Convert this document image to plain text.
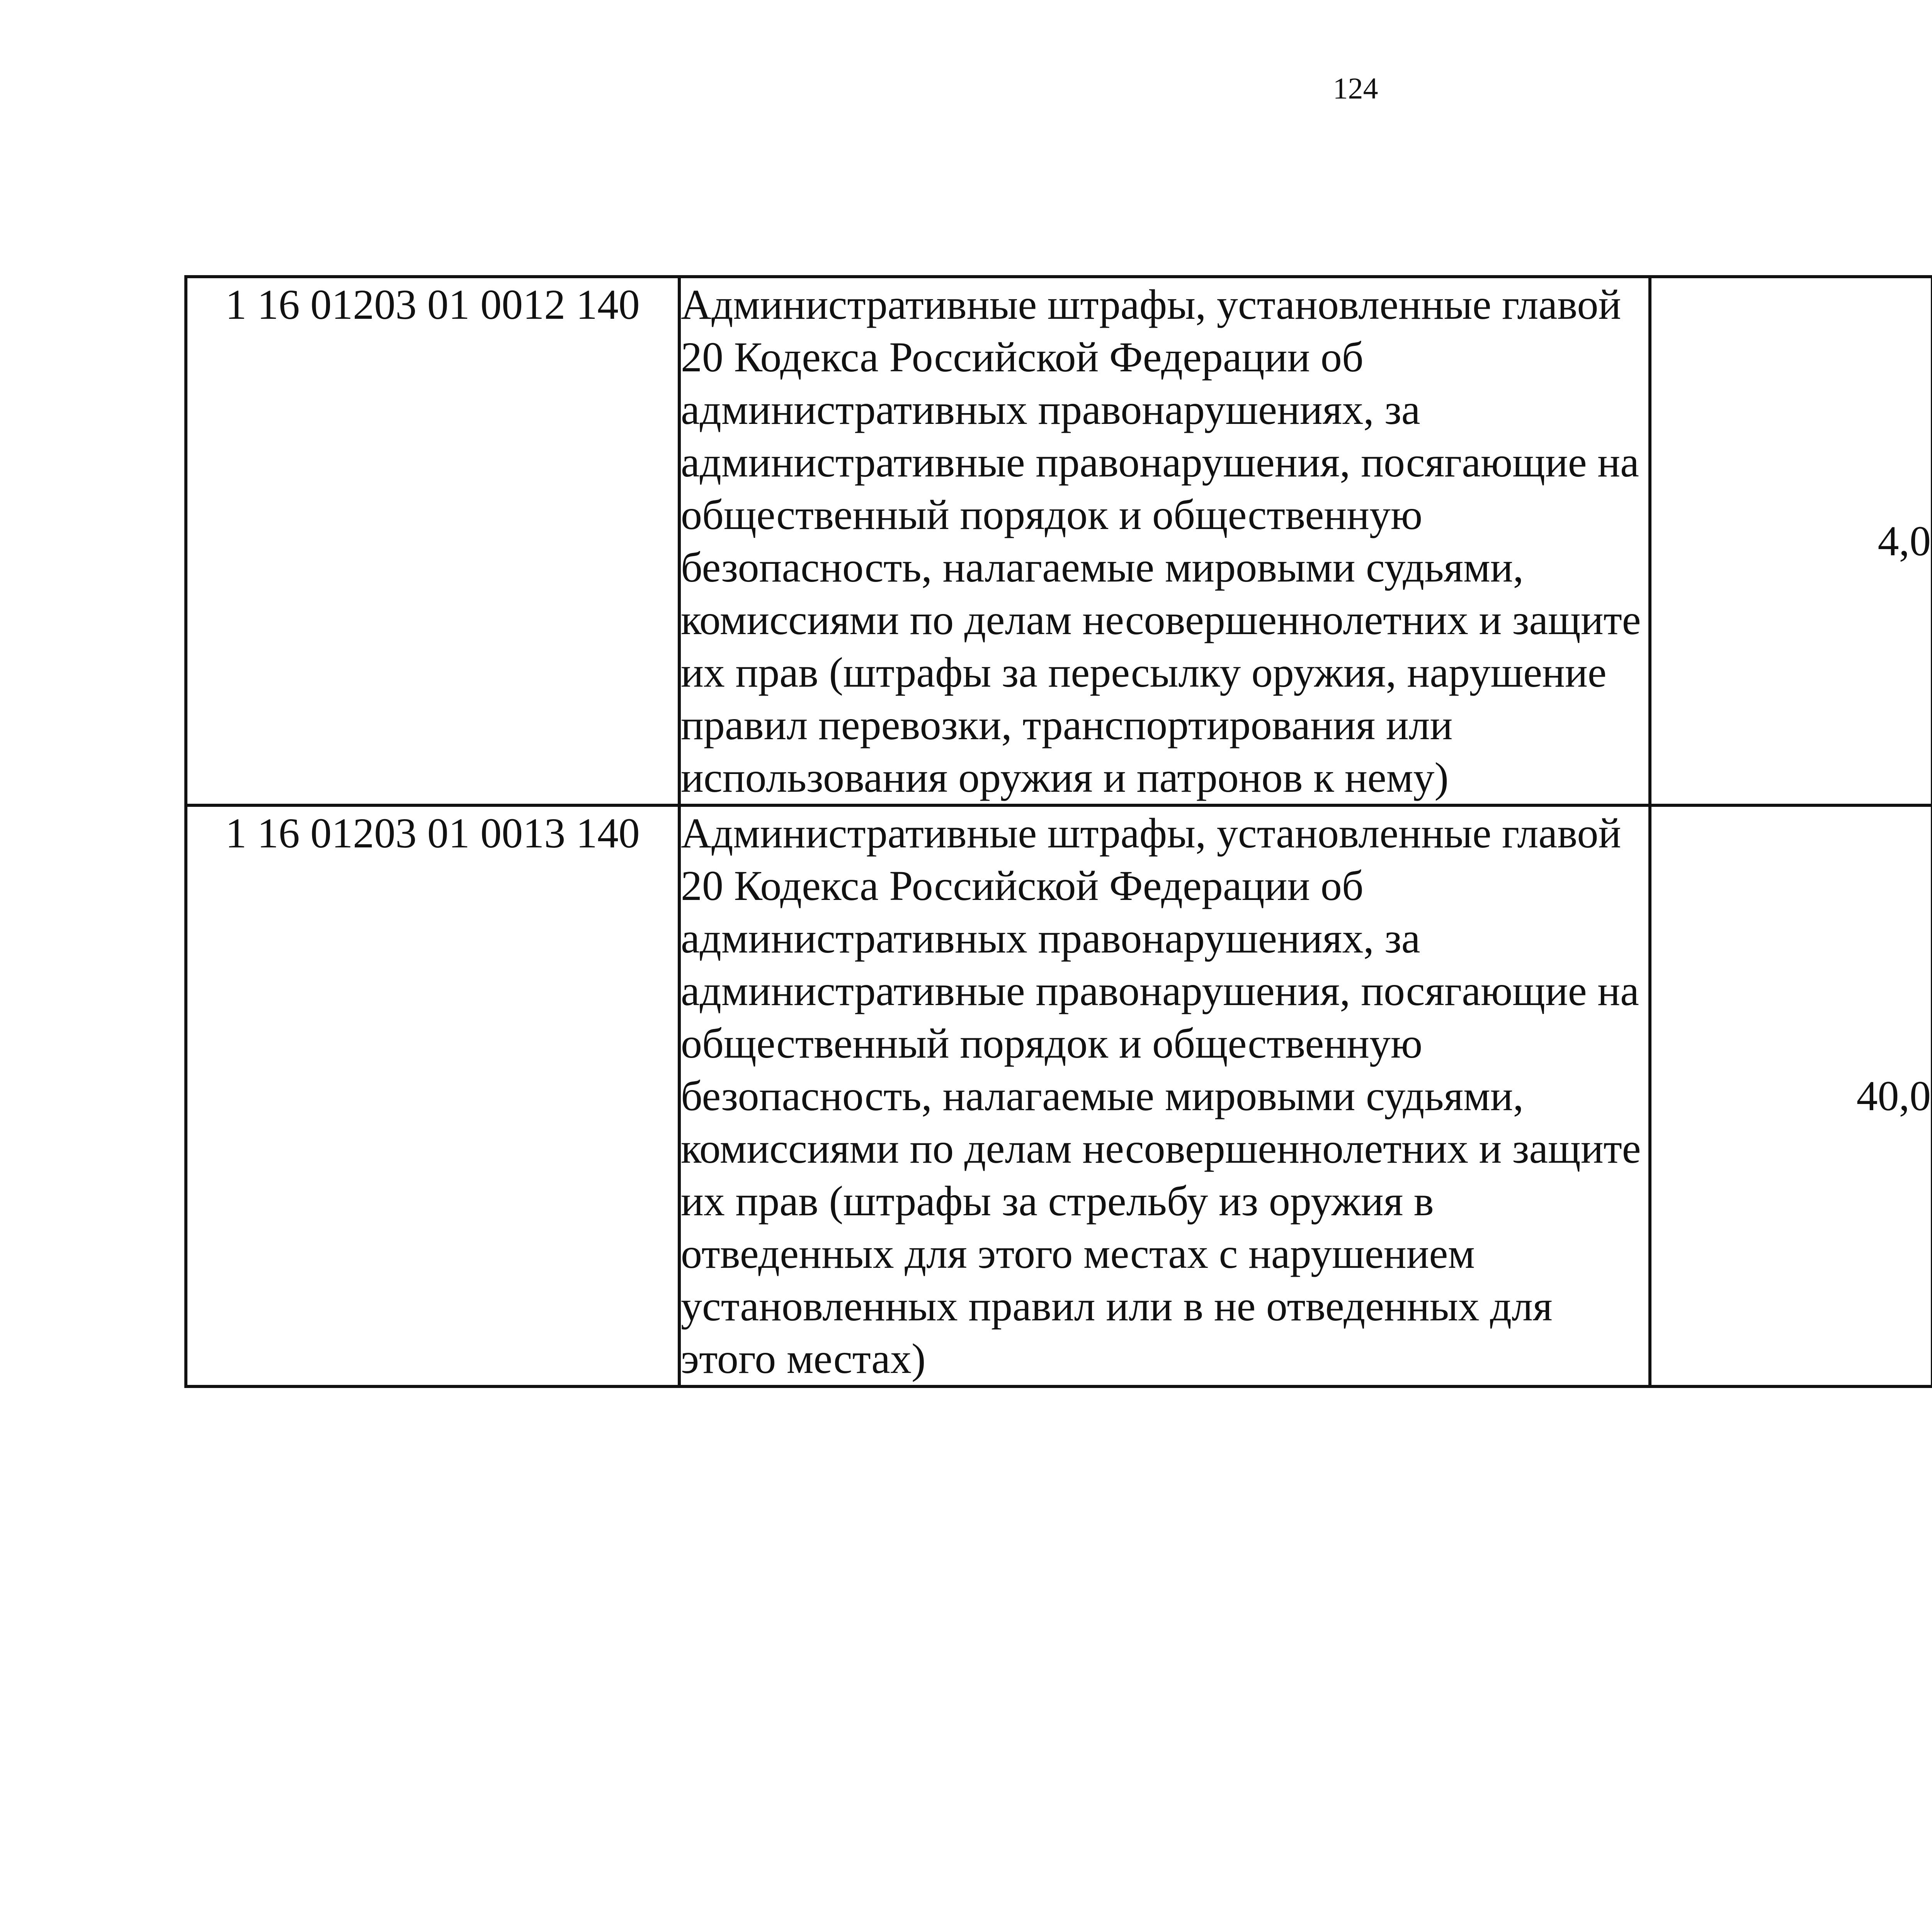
124
1 16 01203 01 0012 140	Административные штрафы, установленные главой 20 Кодекса Российской Федерации об административных правонарушениях, за административные правонарушения, посягающие на общественный порядок и общественную безопасность, налагаемые мировыми судьями, комиссиями по делам несовершеннолетних и защите их прав (штрафы за пересылку оружия, нарушение правил перевозки, транспортирования или использования оружия и патронов к нему)	4,0		
1 16 01203 01 0013 140	Административные штрафы, установленные главой 20 Кодекса Российской Федерации об административных правонарушениях, за административные правонарушения, посягающие на общественный порядок и общественную безопасность, налагаемые мировыми судьями, комиссиями по делам несовершеннолетних и защите их прав (штрафы за стрельбу из оружия в отведенных для этого местах с нарушением установленных правил или в не отведенных для этого местах)	40,0		
